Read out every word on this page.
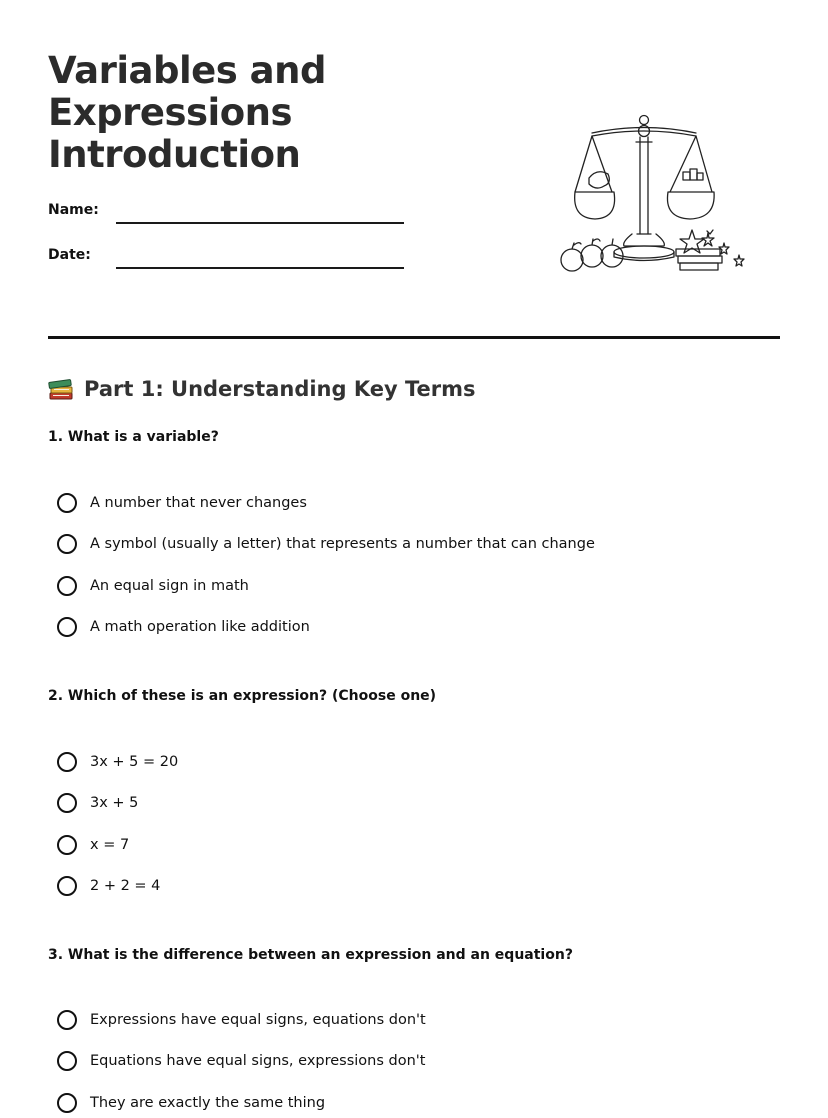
Variables and Expressions Introduction
Name:
Date:
Part 1: Understanding Key Terms
1. What is a variable?
A number that never changes
A symbol (usually a letter) that represents a number that can change
An equal sign in math
A math operation like addition
2. Which of these is an expression? (Choose one)
3x + 5 = 20
3x + 5
x = 7
2 + 2 = 4
3. What is the difference between an expression and an equation?
Expressions have equal signs, equations don't
Equations have equal signs, expressions don't
They are exactly the same thing
